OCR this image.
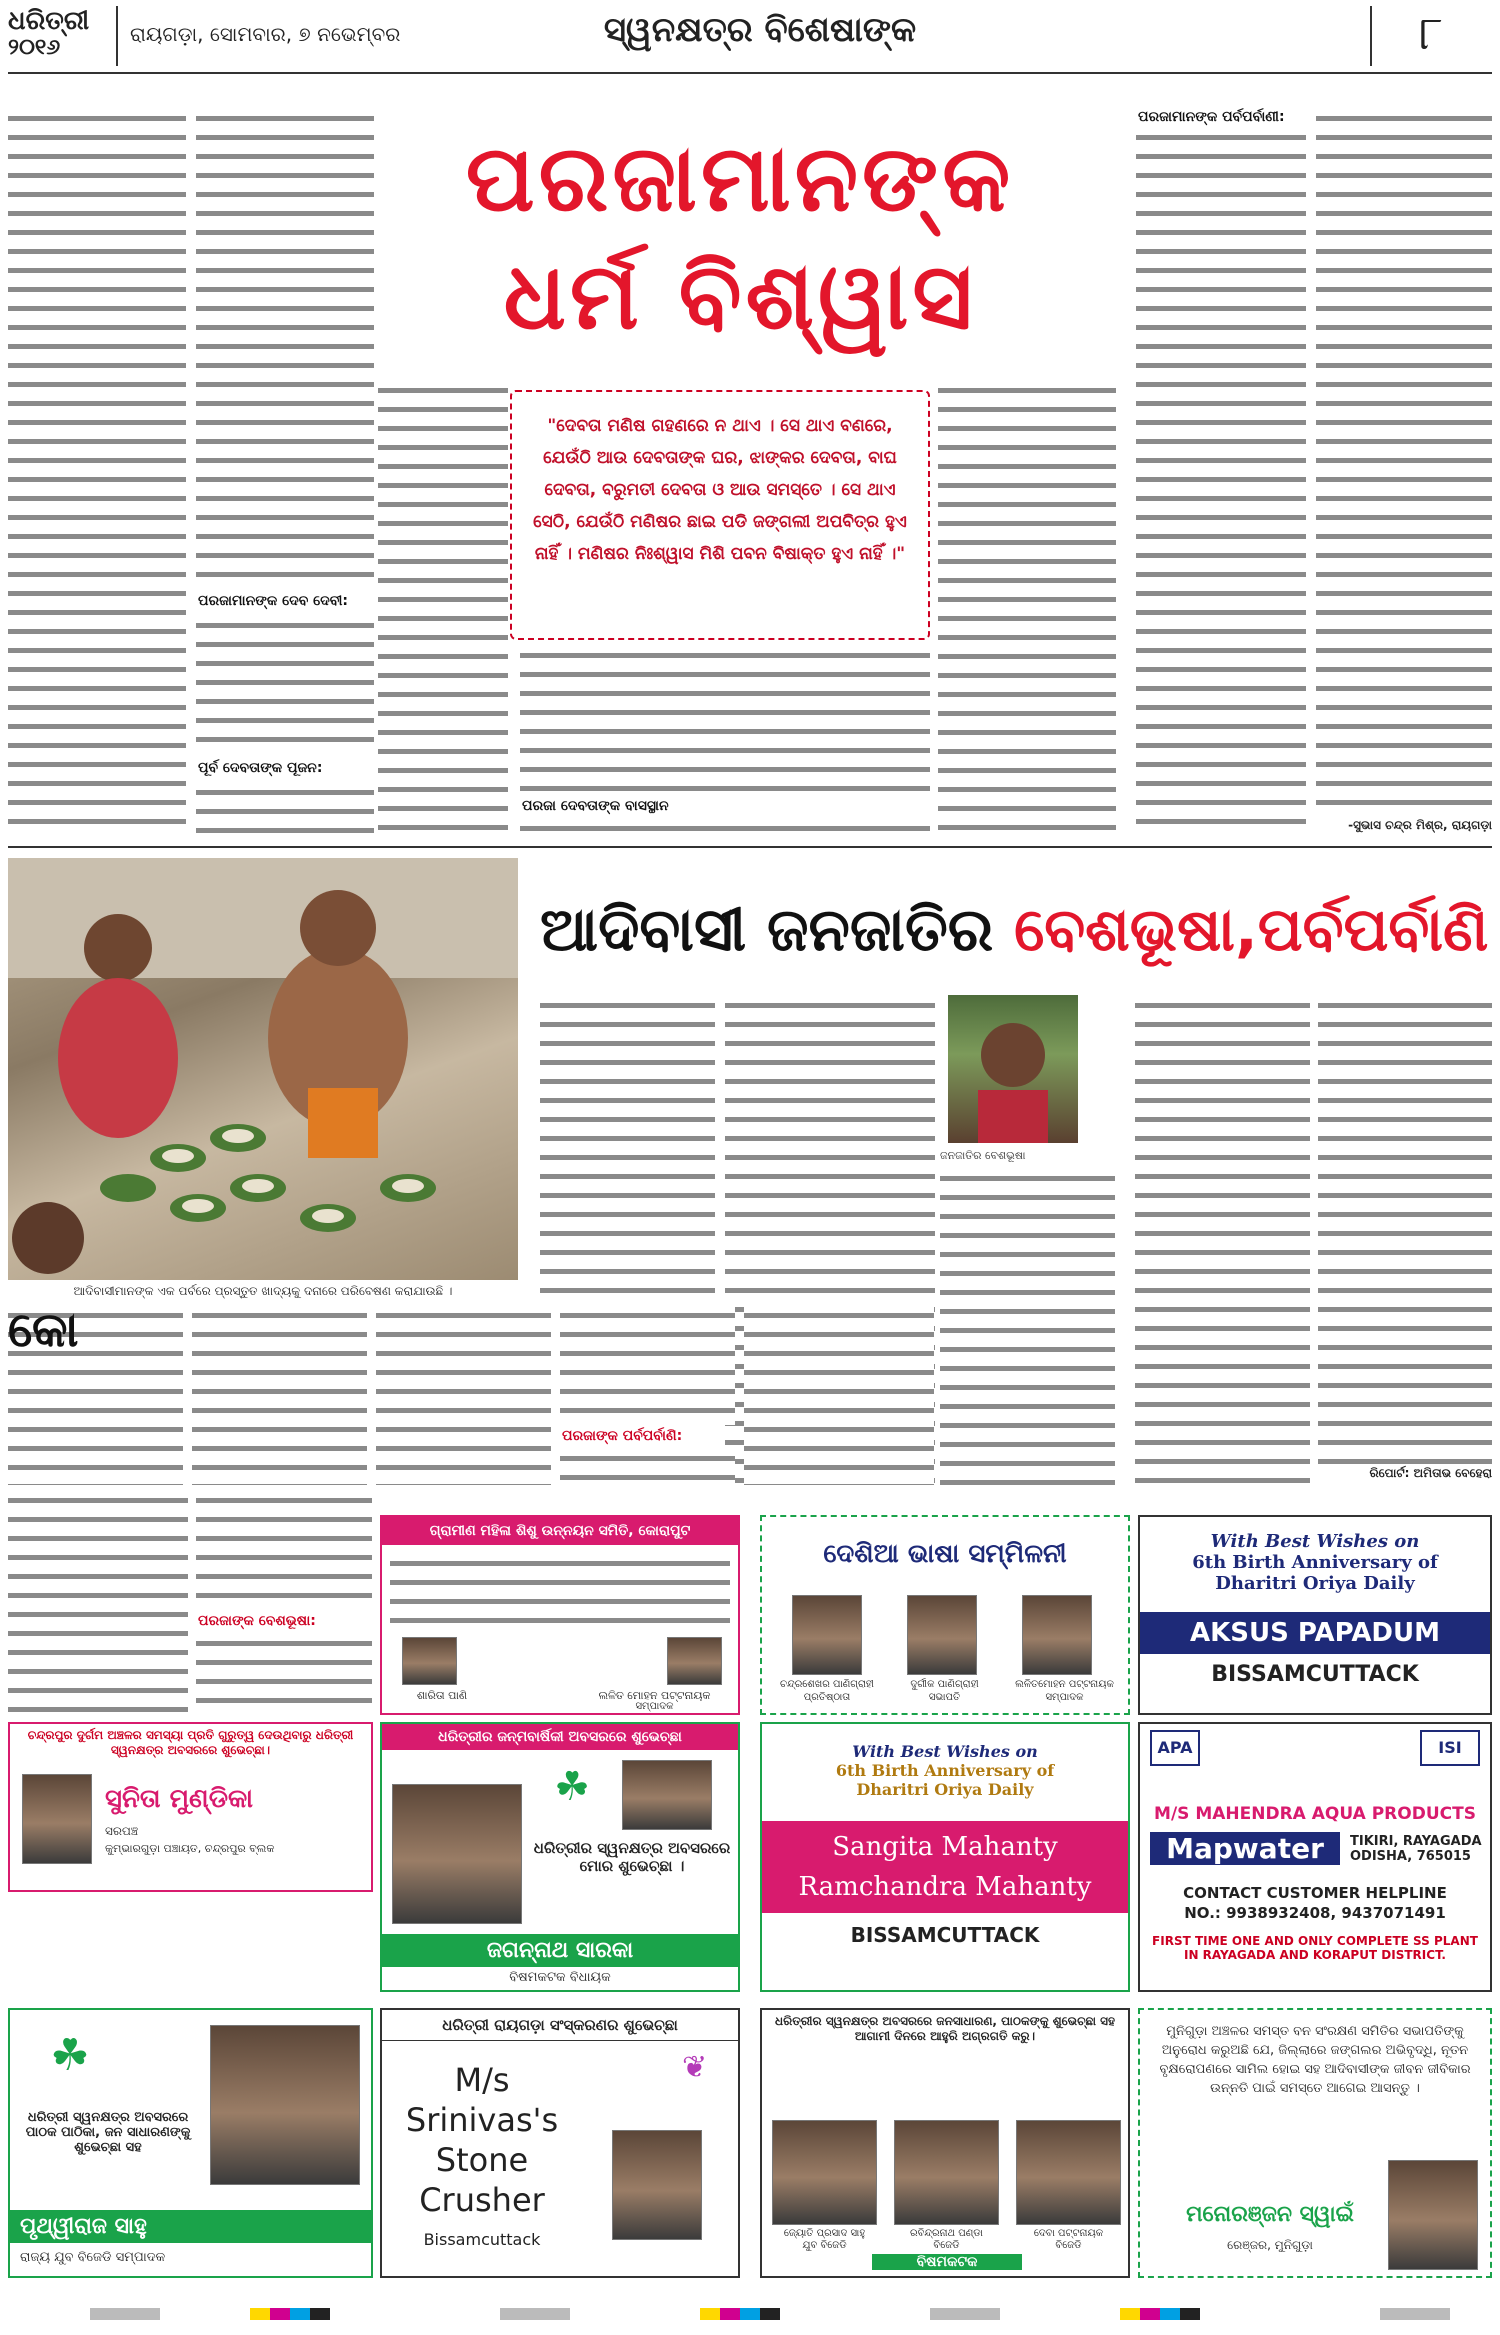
ଧରିତ୍ରୀ
୨୦୧୬
ରାୟଗଡ଼ା, ସୋମବାର, ୭ ନଭେମ୍ବର	ସ୍ୱନକ୍ଷତ୍ର ବିଶେଷାଙ୍କ	୮
ପରଜାମାନଙ୍କ ଦେବ ଦେବୀ:
ପୂର୍ବ ଦେବତାଙ୍କ ପୂଜନ:
ପରଜା ଦେବତାଙ୍କ ବାସସ୍ଥାନ
ପରଜାମାନଙ୍କ ପର୍ବପର୍ବାଣୀ:
-ସୁଭାସ ଚନ୍ଦ୍ର ମିଶ୍ର, ରାୟଗଡ଼ା
ପରଜାମାନଙ୍କ
ଧର୍ମ ବିଶ୍ୱାସ
"ଦେବତା ମଣିଷ ଗହଣରେ ନ ଥାଏ । ସେ ଥାଏ ବଣରେ, ଯେଉଁଠି ଆଉ ଦେବତାଙ୍କ ଘର, ଝାଙ୍କର ଦେବତା, ବାଘ ଦେବତା, ବରୁମତୀ ଦେବତା ଓ ଆଉ ସମସ୍ତେ । ସେ ଥାଏ ସେଠି, ଯେଉଁଠି ମଣିଷର ଛାଇ ପଡି ଜଙ୍ଗଲୀ ଅପବିତ୍ର ହୁଏ ନାହିଁ । ମଣିଷର ନିଃଶ୍ୱାସ ମିଶି ପବନ ବିଷାକ୍ତ ହୁଏ ନାହିଁ ।"
ଆଦିବାସୀମାନଙ୍କ ଏକ ପର୍ବରେ ପ୍ରସ୍ତୁତ ଖାଦ୍ୟକୁ ଦନାରେ ପରିବେଷଣ କରାଯାଉଛି ।
ଆଦିବାସୀ ଜନଜାତିର ବେଶଭୂଷା,ପର୍ବପର୍ବାଣି
ଜନଜାତିର ବେଶଭୂଷା
ରିପୋର୍ଟ: ଅମିତାଭ ବେହେରା
କୋ
ପରଜାଙ୍କ ପର୍ବପର୍ବାଣି:
ପରଜାଙ୍କ ବେଶଭୂଷା:
ଗ୍ରାମୀଣ ମହିଳା ଶିଶୁ ଉନ୍ନୟନ ସମିତି, କୋରାପୁଟ
ଶାରିତା ପାଣି	ଲଳିତ ମୋହନ ପଟ୍ଟନାୟକ
ସମ୍ପାଦକ
ଦେଶିଆ ଭାଷା ସମ୍ମିଳନୀ
ଚନ୍ଦ୍ରଶେଖର ପାଣିଗ୍ରାହୀ
ପ୍ରତିଷ୍ଠାତା
ଦୁର୍ଗୀକ ପାଣିଗ୍ରାହୀ
ସଭାପତି
ଲଳିତମୋହନ ପଟ୍ଟନାୟକ
ସମ୍ପାଦକ
With Best Wishes on
6th Birth Anniversary of
Dharitri Oriya Daily
AKSUS PAPADUM
BISSAMCUTTACK
ଚନ୍ଦ୍ରପୁର ଦୁର୍ଗମ ଅଞ୍ଚଳର ସମସ୍ୟା ପ୍ରତି ଗୁରୁତ୍ୱ ଦେଉଥିବାରୁ ଧରିତ୍ରୀ ସ୍ୱନକ୍ଷତ୍ର ଅବସରରେ ଶୁଭେଚ୍ଛା।
ସୁନିତା ମୁଣ୍ଡିକା
ସରପଞ୍ଚ
କୁମ୍ଭାରଗୁଡ଼ା ପଞ୍ଚାୟତ, ଚନ୍ଦ୍ରପୁର ବ୍ଲକ
ଧରିତ୍ରୀର ଜନ୍ମବାର୍ଷିକୀ ଅବସରରେ ଶୁଭେଚ୍ଛା
☘
ଧରିତ୍ରୀର ସ୍ୱନକ୍ଷତ୍ର ଅବସରରେ ମୋର ଶୁଭେଚ୍ଛା ।
ଜଗନ୍ନାଥ ସାରକା
ବିଷମକଟକ ବିଧାୟକ
With Best Wishes on
6th Birth Anniversary of
Dharitri Oriya Daily
Sangita Mahanty
Ramchandra Mahanty
BISSAMCUTTACK
APA	ISI
M/S MAHENDRA AQUA PRODUCTS
Mapwater	TIKIRI, RAYAGADA ODISHA, 765015
CONTACT CUSTOMER HELPLINE
NO.: 9938932408, 9437071491
FIRST TIME ONE AND ONLY COMPLETE SS PLANT IN RAYAGADA AND KORAPUT DISTRICT.
☘
ଧରିତ୍ରୀ ସ୍ୱନକ୍ଷତ୍ର ଅବସରରେ ପାଠକ ପାଠିକା, ଜନ ସାଧାରଣଙ୍କୁ ଶୁଭେଚ୍ଛା ସହ
ପୃଥ୍ୱୀରାଜ ସାହୁ
ରାଜ୍ୟ ଯୁବ ବିଜେଡି ସମ୍ପାଦକ
ଧରିତ୍ରୀ ରାୟଗଡ଼ା ସଂସ୍କରଣର ଶୁଭେଚ୍ଛା
M/s
Srinivas's
Stone
Crusher
Bissamcuttack
❦
ଧରିତ୍ରୀର ସ୍ୱନକ୍ଷତ୍ର ଅବସରରେ ଜନସାଧାରଣ, ପାଠକଙ୍କୁ ଶୁଭେଚ୍ଛା ସହ ଆଗାମୀ ଦିନରେ ଆହୁରି ଅଗ୍ରଗତି କରୁ।
ଜ୍ୟୋତି ପ୍ରସାଦ ସାହୁ
ଯୁବ ବିଜେଡି
ରବିନ୍ଦ୍ରନାଥ ପଣ୍ଡା
ବିଜେଡି
ଦେବା ପଟ୍ଟନାୟକ
ବିଜେଡି
ବିଷମକଟକ
ମୁନିଗୁଡ଼ା ଅଞ୍ଚଳର ସମସ୍ତ ବନ ସଂରକ୍ଷଣ ସମିତିର ସଭାପତିଙ୍କୁ ଅନୁରୋଧ କରୁଅଛି ଯେ, ଜିଲ୍ଲାରେ ଜଙ୍ଗଲର ଅଭିବୃଦ୍ଧି, ନୂତନ ବୃକ୍ଷରୋପଣରେ ସାମିଲ ହୋଇ ସହ ଆଦିବାସୀଙ୍କ ଜୀବନ ଜୀବିକାର ଉନ୍ନତି ପାଇଁ ସମସ୍ତେ ଆଗେଇ ଆସନ୍ତୁ ।
ମନୋରଞ୍ଜନ ସ୍ୱାଇଁ
ରେଞ୍ଜର, ମୁନିଗୁଡ଼ା
